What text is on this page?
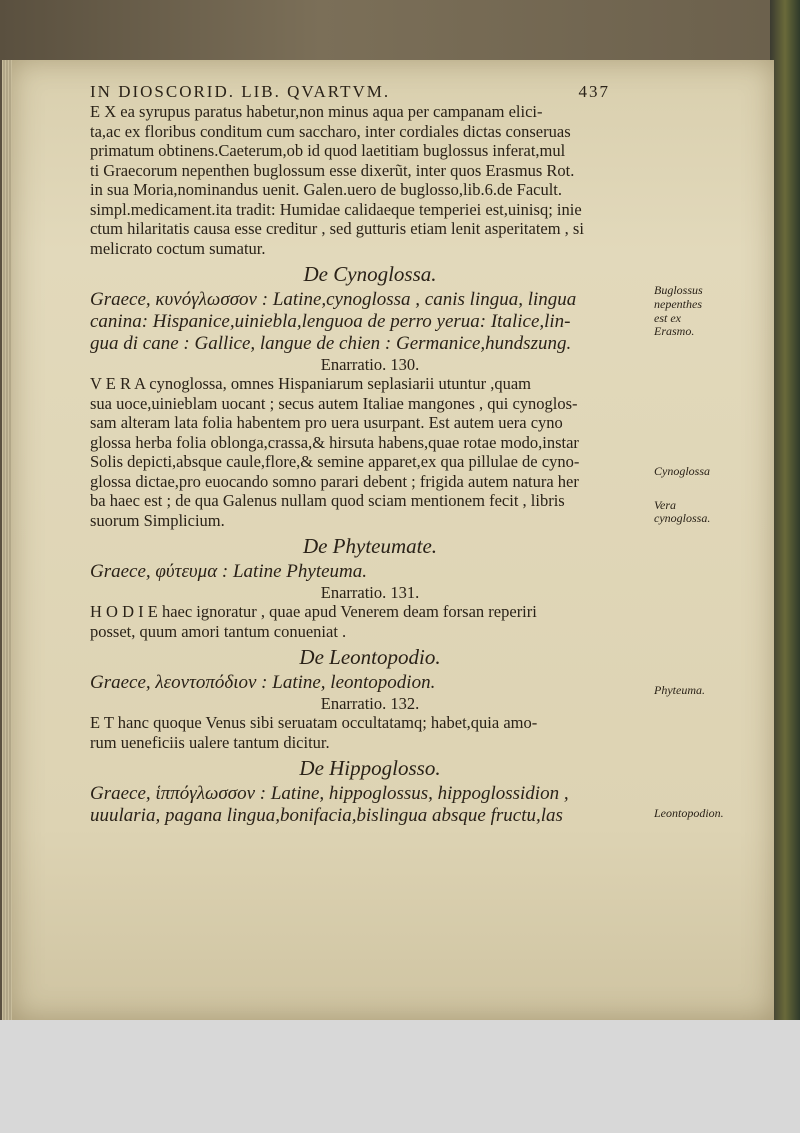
IN DIOSCORID. LIB. QVARTVM.	437

E X ea syrupus paratus habetur,non minus aqua per campanam elici-
ta,ac ex floribus conditum cum saccharo, inter cordiales dictas conseruas
primatum obtinens.Caeterum,ob id quod laetitiam buglossus inferat,mul
ti Graecorum nepenthen buglossum esse dixerũt, inter quos Erasmus Rot.
in sua Moria,nominandus uenit. Galen.uero de buglosso,lib.6.de Facult.
simpl.medicament.ita tradit: Humidae calidaeque temperiei est,uinisq; inie
ctum hilaritatis causa esse creditur , sed gutturis etiam lenit asperitatem , si
melicrato coctum sumatur.

De Cynoglossa.
Graece, κυνόγλωσσον : Latine,cynoglossa , canis lingua, lingua
canina: Hispanice,uiniebla,lenguoa de perro yerua: Italice,lin-
gua di cane : Gallice, langue de chien : Germanice,hundszung.
Enarratio. 130.

V E R A cynoglossa, omnes Hispaniarum seplasiarii utuntur ,quam
sua uoce,uinieblam uocant ; secus autem Italiae mangones , qui cynoglos-
sam alteram lata folia habentem pro uera usurpant. Est autem uera cyno
glossa herba folia oblonga,crassa,& hirsuta habens,quae rotae modo,instar
Solis depicti,absque caule,flore,& semine apparet,ex qua pillulae de cyno-
glossa dictae,pro euocando somno parari debent ; frigida autem natura her
ba haec est ; de qua Galenus nullam quod sciam mentionem fecit , libris
suorum Simplicium.

De Phyteumate.
Graece, φύτευμα : Latine Phyteuma.
Enarratio. 131.

H O D I E haec ignoratur , quae apud Venerem deam forsan reperiri
posset, quum amori tantum conueniat .

De Leontopodio.
Graece, λεοντοπόδιον : Latine, leontopodion.
Enarratio. 132.

E T hanc quoque Venus sibi seruatam occultatamq; habet,quia amo-
rum ueneficiis ualere tantum dicitur.

De Hippoglosso.
Graece, ἱππόγλωσσον : Latine, hippoglossus, hippoglossidion ,
uuularia, pagana lingua,bonifacia,bislingua absque fructu,las
Buglossus
nepenthes
est ex Erasmo.
Cynoglossa
Vera cynoglossa.
Phyteuma.
Leontopodion.
